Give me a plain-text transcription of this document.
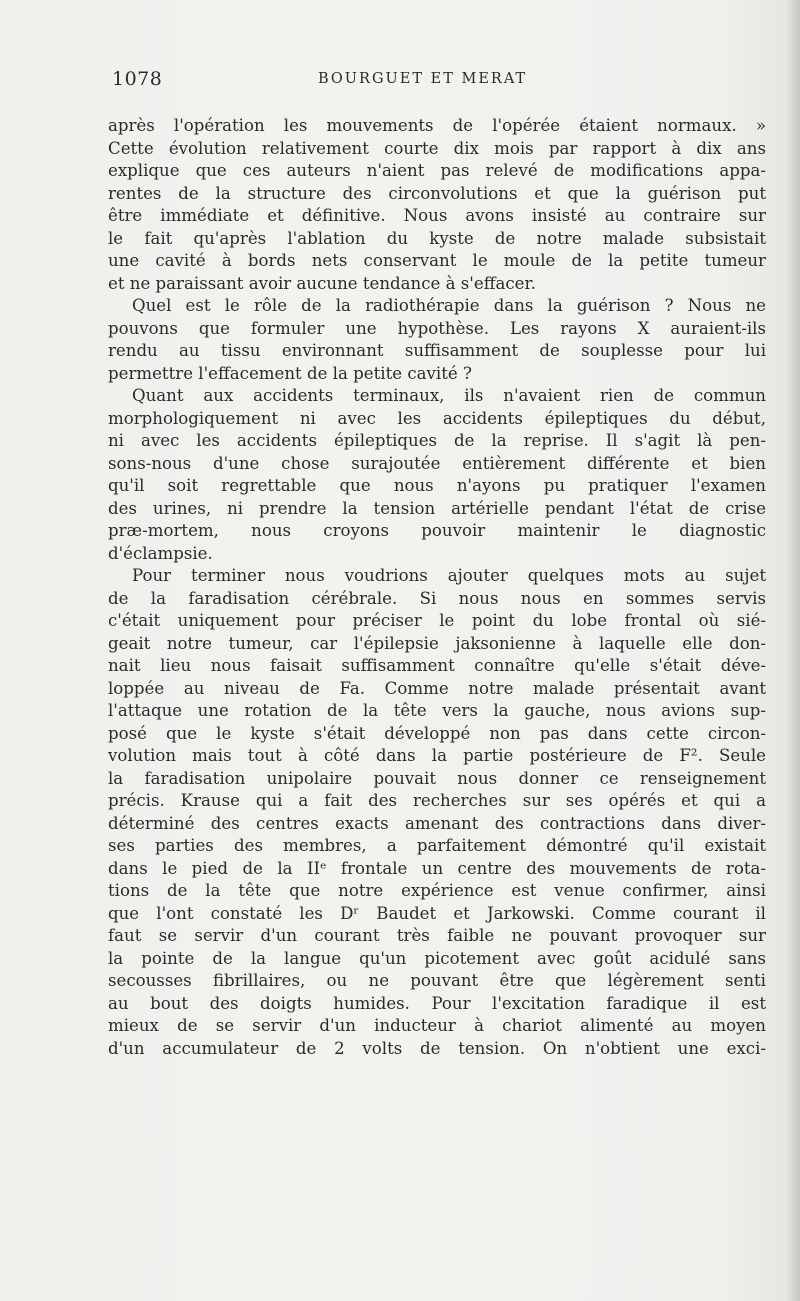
1078	BOURGUET ET MERAT
après l'opération les mouvements de l'opérée étaient normaux. »
Cette évolution relativement courte dix mois par rapport à dix ans
explique que ces auteurs n'aient pas relevé de modifications appa-
rentes de la structure des circonvolutions et que la guérison put
être immédiate et définitive. Nous avons insisté au contraire sur
le fait qu'après l'ablation du kyste de notre malade subsistait
une cavité à bords nets conservant le moule de la petite tumeur
et ne paraissant avoir aucune tendance à s'effacer.
Quel est le rôle de la radiothérapie dans la guérison ? Nous ne
pouvons que formuler une hypothèse. Les rayons X auraient-ils
rendu au tissu environnant suffisamment de souplesse pour lui
permettre l'effacement de la petite cavité ?
Quant aux accidents terminaux, ils n'avaient rien de commun
morphologiquement ni avec les accidents épileptiques du début,
ni avec les accidents épileptiques de la reprise. Il s'agit là pen-
sons-nous d'une chose surajoutée entièrement différente et bien
qu'il soit regrettable que nous n'ayons pu pratiquer l'examen
des urines, ni prendre la tension artérielle pendant l'état de crise
præ-mortem, nous croyons pouvoir maintenir le diagnostic
d'éclampsie.
Pour terminer nous voudrions ajouter quelques mots au sujet
de la faradisation cérébrale. Si nous nous en sommes servis
c'était uniquement pour préciser le point du lobe frontal où sié-
geait notre tumeur, car l'épilepsie jaksonienne à laquelle elle don-
nait lieu nous faisait suffisamment connaître qu'elle s'était déve-
loppée au niveau de Fa. Comme notre malade présentait avant
l'attaque une rotation de la tête vers la gauche, nous avions sup-
posé que le kyste s'était développé non pas dans cette circon-
volution mais tout à côté dans la partie postérieure de F². Seule
la faradisation unipolaire pouvait nous donner ce renseignement
précis. Krause qui a fait des recherches sur ses opérés et qui a
déterminé des centres exacts amenant des contractions dans diver-
ses parties des membres, a parfaitement démontré qu'il existait
dans le pied de la IIᵉ frontale un centre des mouvements de rota-
tions de la tête que notre expérience est venue confirmer, ainsi
que l'ont constaté les Dʳ Baudet et Jarkowski. Comme courant il
faut se servir d'un courant très faible ne pouvant provoquer sur
la pointe de la langue qu'un picotement avec goût acidulé sans
secousses fibrillaires, ou ne pouvant être que légèrement senti
au bout des doigts humides. Pour l'excitation faradique il est
mieux de se servir d'un inducteur à chariot alimenté au moyen
d'un accumulateur de 2 volts de tension. On n'obtient une exci-
